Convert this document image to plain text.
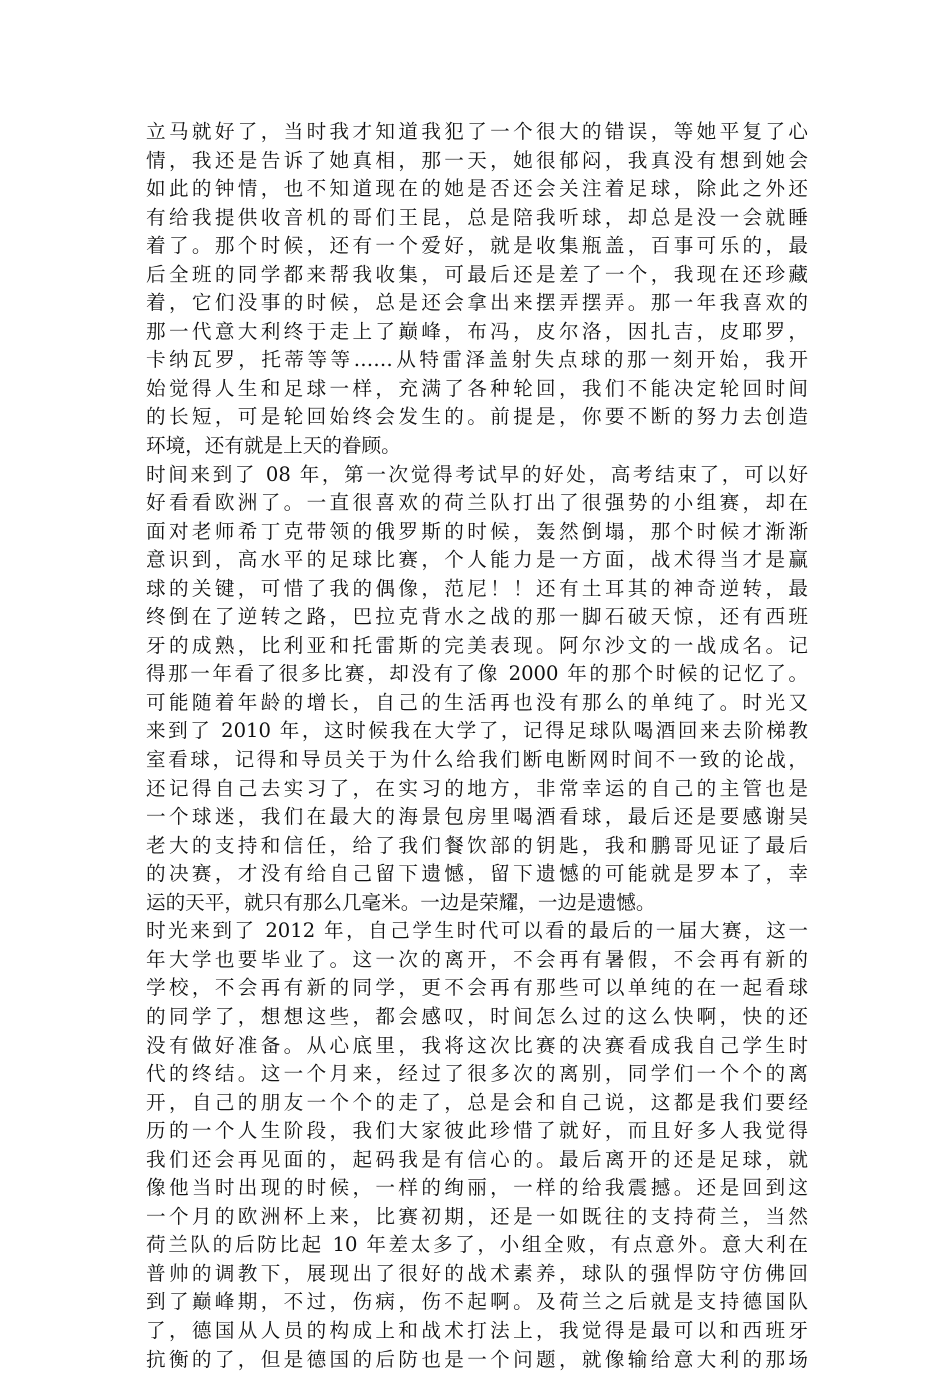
立马就好了，当时我才知道我犯了一个很大的错误，等她平复了心
情，我还是告诉了她真相，那一天，她很郁闷，我真没有想到她会
如此的钟情，也不知道现在的她是否还会关注着足球，除此之外还
有给我提供收音机的哥们王昆，总是陪我听球，却总是没一会就睡
着了。那个时候，还有一个爱好，就是收集瓶盖，百事可乐的，最
后全班的同学都来帮我收集，可最后还是差了一个，我现在还珍藏
着，它们没事的时候，总是还会拿出来摆弄摆弄。那一年我喜欢的
那一代意大利终于走上了巅峰，布冯，皮尔洛，因扎吉，皮耶罗，
卡纳瓦罗，托蒂等等……从特雷泽盖射失点球的那一刻开始，我开
始觉得人生和足球一样，充满了各种轮回，我们不能决定轮回时间
的长短，可是轮回始终会发生的。前提是，你要不断的努力去创造
环境，还有就是上天的眷顾。
时间来到了 08 年，第一次觉得考试早的好处，高考结束了，可以好
好看看欧洲了。一直很喜欢的荷兰队打出了很强势的小组赛，却在
面对老师希丁克带领的俄罗斯的时候，轰然倒塌，那个时候才渐渐
意识到，高水平的足球比赛，个人能力是一方面，战术得当才是赢
球的关键，可惜了我的偶像，范尼！！还有土耳其的神奇逆转，最
终倒在了逆转之路，巴拉克背水之战的那一脚石破天惊，还有西班
牙的成熟，比利亚和托雷斯的完美表现。阿尔沙文的一战成名。记
得那一年看了很多比赛，却没有了像 2000 年的那个时候的记忆了。
可能随着年龄的增长，自己的生活再也没有那么的单纯了。时光又
来到了 2010 年，这时候我在大学了，记得足球队喝酒回来去阶梯教
室看球，记得和导员关于为什么给我们断电断网时间不一致的论战，
还记得自己去实习了，在实习的地方，非常幸运的自己的主管也是
一个球迷，我们在最大的海景包房里喝酒看球，最后还是要感谢吴
老大的支持和信任，给了我们餐饮部的钥匙，我和鹏哥见证了最后
的决赛，才没有给自己留下遗憾，留下遗憾的可能就是罗本了，幸
运的天平，就只有那么几毫米。一边是荣耀，一边是遗憾。
时光来到了 2012 年，自己学生时代可以看的最后的一届大赛，这一
年大学也要毕业了。这一次的离开，不会再有暑假，不会再有新的
学校，不会再有新的同学，更不会再有那些可以单纯的在一起看球
的同学了，想想这些，都会感叹，时间怎么过的这么快啊，快的还
没有做好准备。从心底里，我将这次比赛的决赛看成我自己学生时
代的终结。这一个月来，经过了很多次的离别，同学们一个个的离
开，自己的朋友一个个的走了，总是会和自己说，这都是我们要经
历的一个人生阶段，我们大家彼此珍惜了就好，而且好多人我觉得
我们还会再见面的，起码我是有信心的。最后离开的还是足球，就
像他当时出现的时候，一样的绚丽，一样的给我震撼。还是回到这
一个月的欧洲杯上来，比赛初期，还是一如既往的支持荷兰，当然
荷兰队的后防比起 10 年差太多了，小组全败，有点意外。意大利在
普帅的调教下，展现出了很好的战术素养，球队的强悍防守仿佛回
到了巅峰期，不过，伤病，伤不起啊。及荷兰之后就是支持德国队
了，德国从人员的构成上和战术打法上，我觉得是最可以和西班牙
抗衡的了，但是德国的后防也是一个问题，就像输给意大利的那场
